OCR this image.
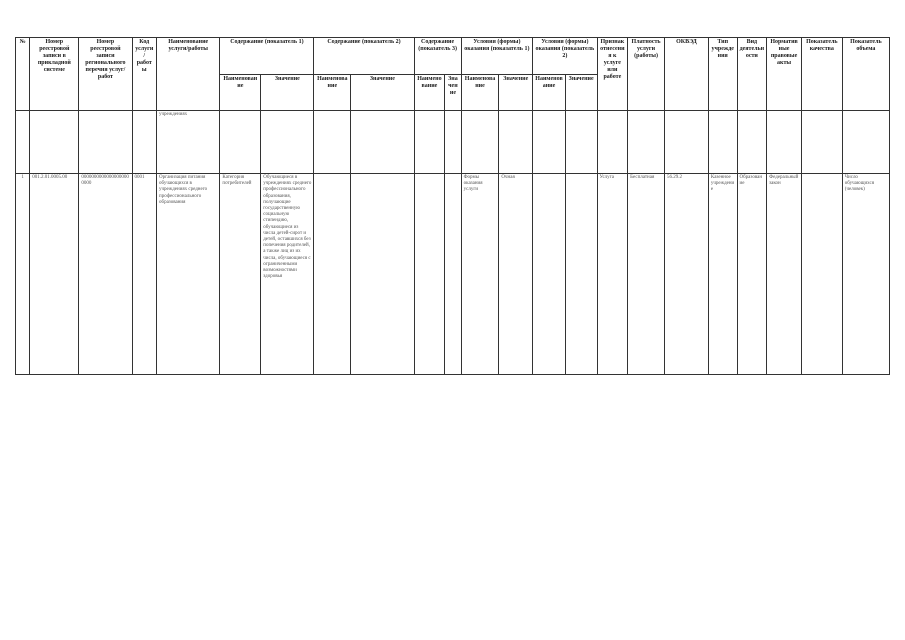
№	Номер реестровой записи в прикладной системе	Номер реестровой записи регионального перечня услуг/работ	Код услуги/работы	Наименование услуги/работы	Содержание (показатель 1)		Содержание (показатель 2)		Содержание (показатель 3)		Условия (формы) оказания (показатель 1)		Условия (формы) оказания (показатель 2)		Признак отнесения к услуге или работе	Платность услуги (работы)	ОКВЭД	Тип учреждения	Вид деятельности	Нормативные правовые акты	Показатель качества	Показатель объема
					Наименование	Значение	Наименование	Значение	Наименование	Значение	Наименование	Значение	Наименование	Значение								
				учреждениях																		
1	001.2.01.0005.00	00000000000000000000000	0001	Организация питания обучающихся в учреждениях среднего профессионального образования	Категория потребителей	Обучающиеся в учреждениях среднего профессионального образования, получающие государственную социальную стипендию, обучающиеся из числа детей-сирот и детей, оставшихся без попечения родителей, а также лиц из их числа, обучающиеся с ограниченными возможностями здоровья					Формы оказания услуги	Очная			Услуга	Бесплатная	56.29.2	Казенное учреждение	Образование	Федеральный закон		Число обучающихся (человек)
